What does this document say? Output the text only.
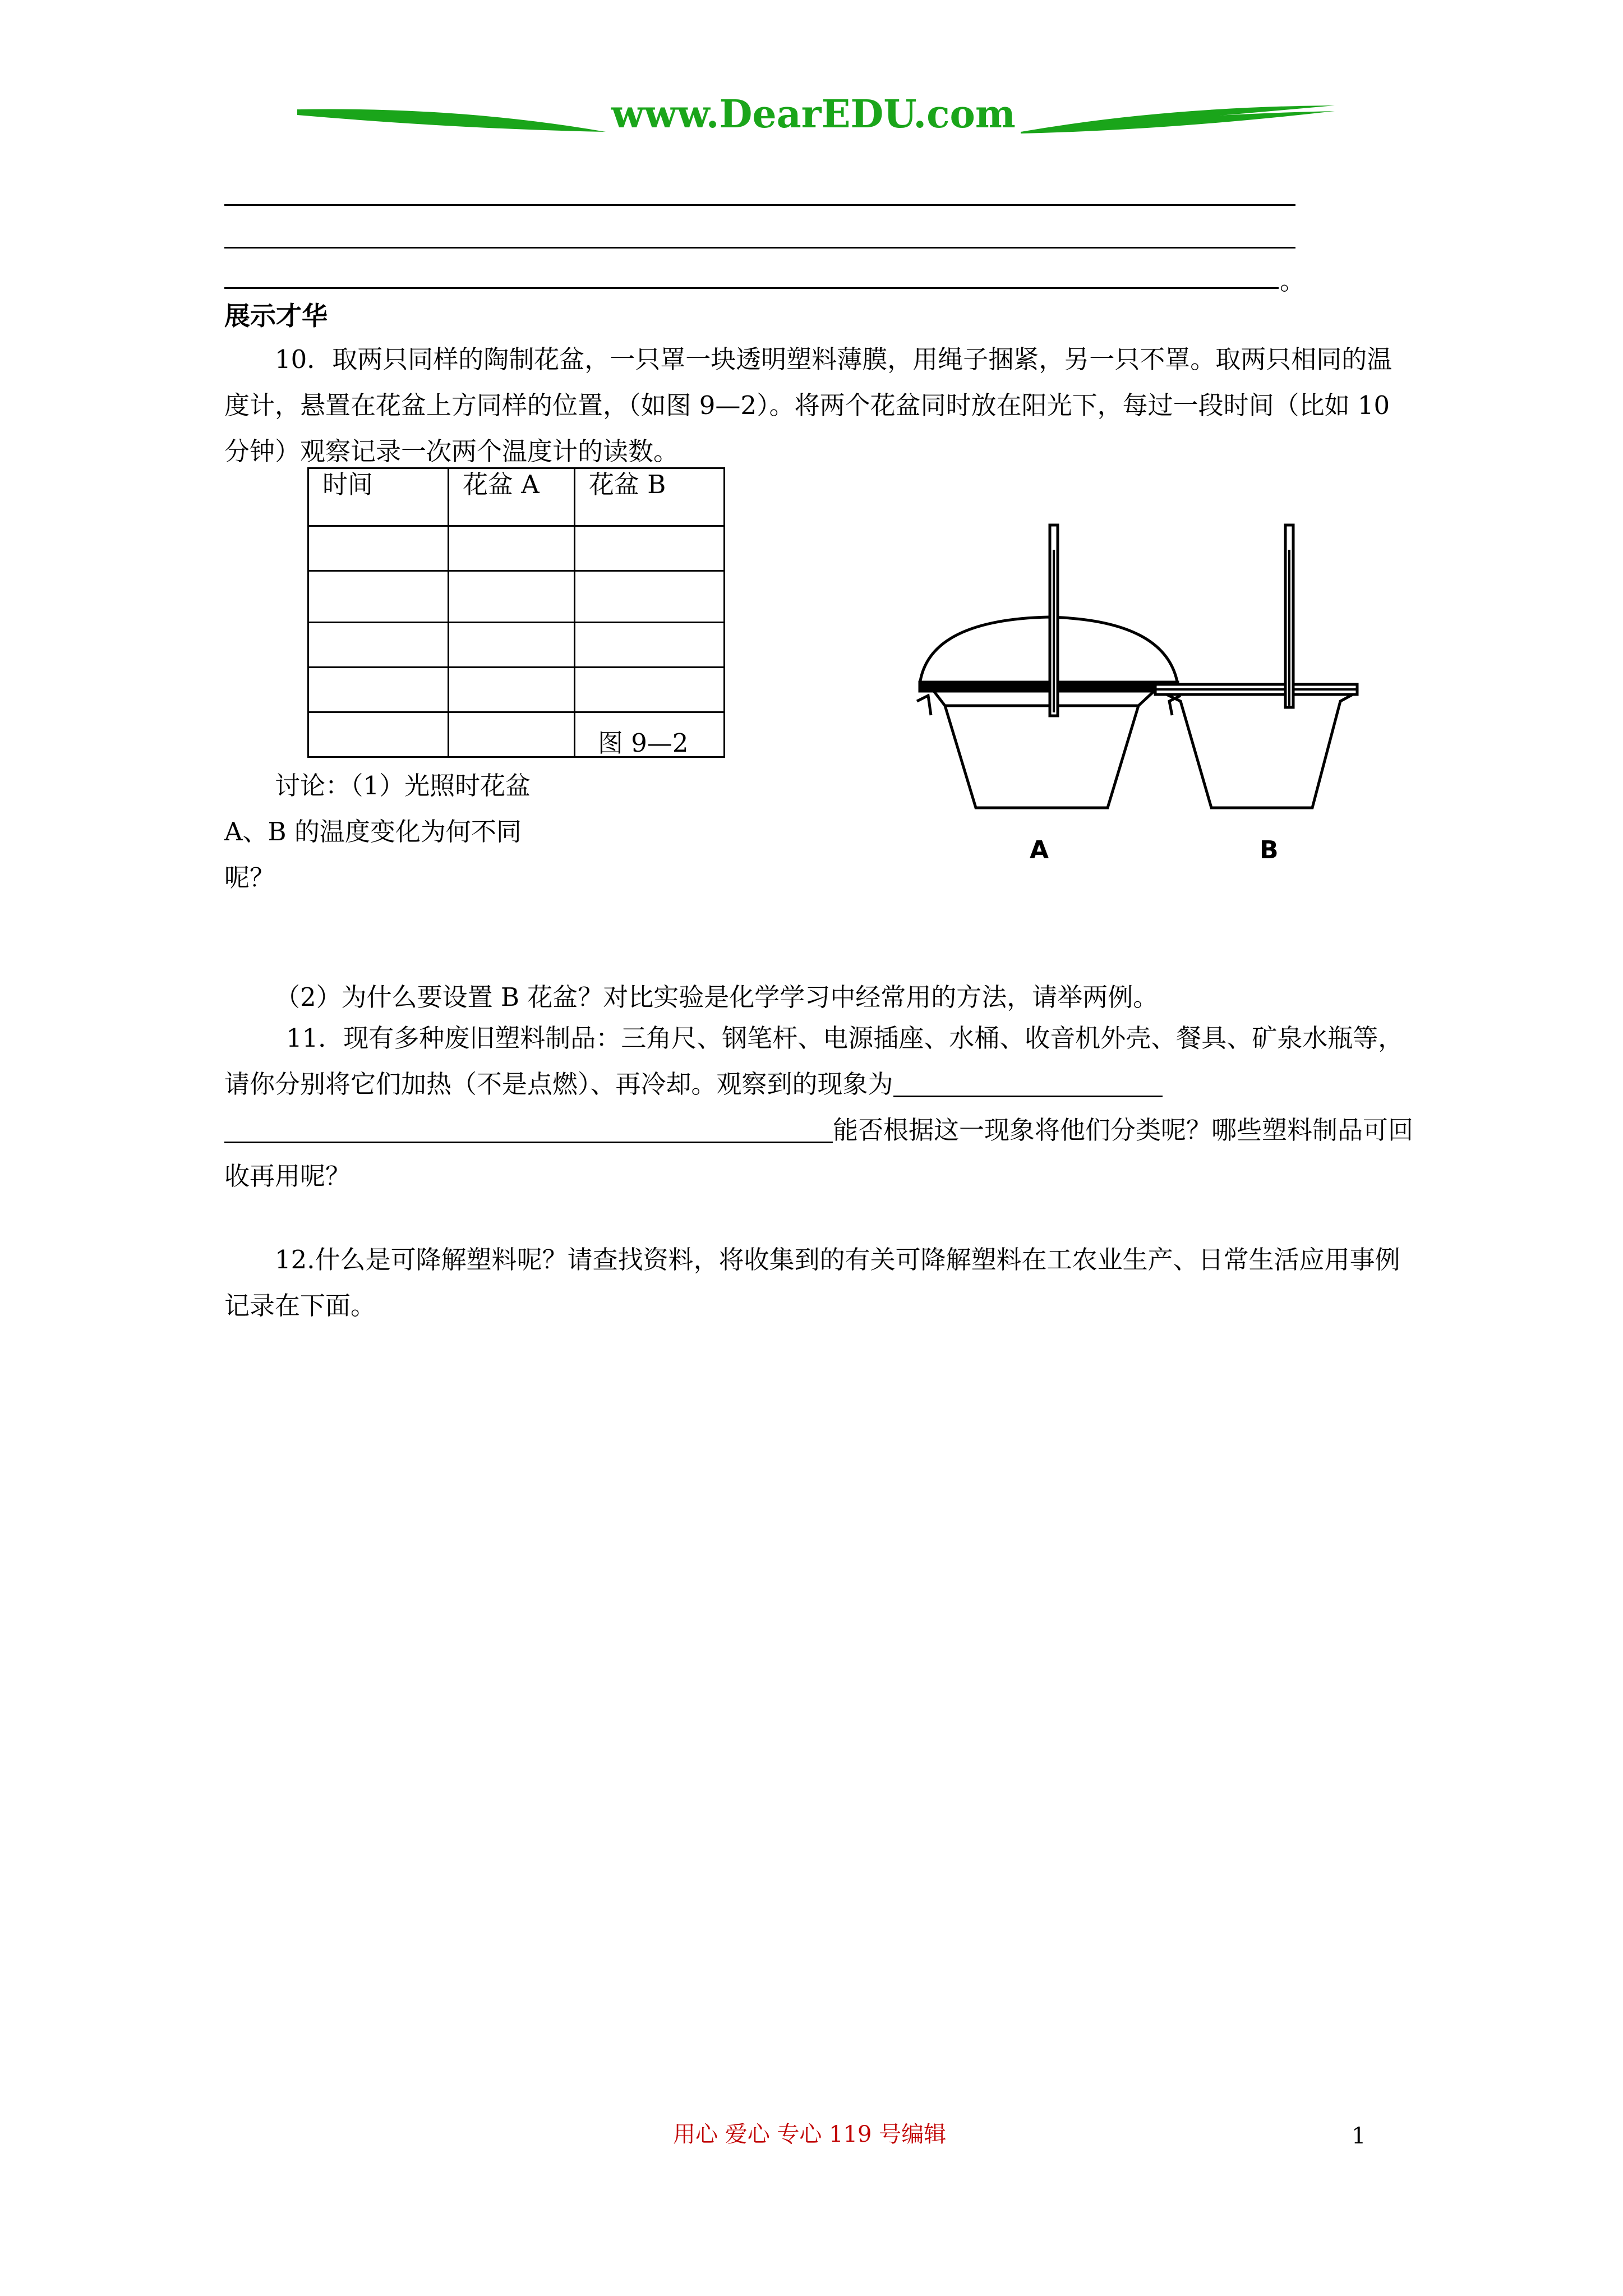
www.DearEDU.com
。
展示才华
10．取两只同样的陶制花盆，一只罩一块透明塑料薄膜，用绳子捆紧，另一只不罩。取两只相同的温度计，悬置在花盆上方同样的位置，（如图 9—2）。将两个花盆同时放在阳光下，每过一段时间（比如 10 分钟）观察记录一次两个温度计的读数。
时间	花盆 A	花盆 B

		图 9—2
讨论：（1）光照时花盆 A、B 的温度变化为何不同呢？
A	B
（2）为什么要设置 B 花盆？对比实验是化学学习中经常用的方法，请举两例。
11．现有多种废旧塑料制品：三角尺、钢笔杆、电源插座、水桶、收音机外壳、餐具、矿泉水瓶等，请你分别将它们加热（不是点燃）、再冷却。观察到的现象为
能否根据这一现象将他们分类呢？哪些塑料制品可回收再用呢？
12.什么是可降解塑料呢？请查找资料，将收集到的有关可降解塑料在工农业生产、日常生活应用事例记录在下面。
用心 爱心 专心 119 号编辑	1
